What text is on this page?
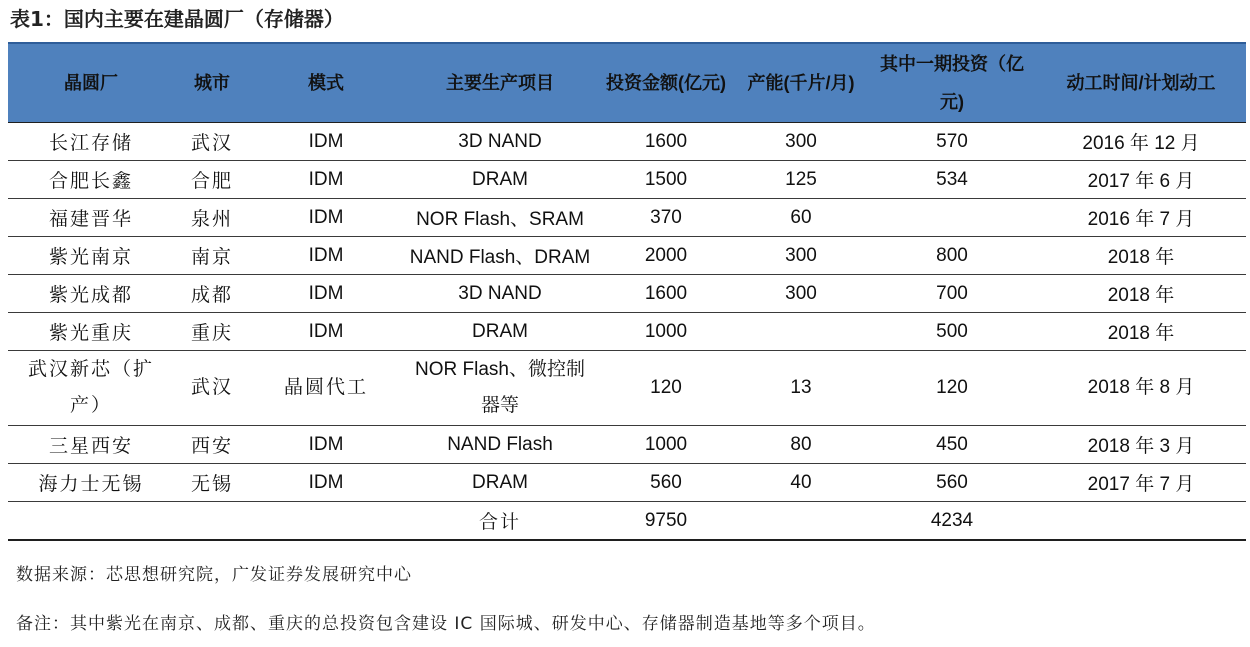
表1：国内主要在建晶圆厂（存储器）
晶圆厂	城市	模式	主要生产项目	投资金额(亿元)	产能(千片/月)	其中一期投资（亿元)	动工时间/计划动工
长江存储	武汉	IDM	3D NAND	1600	300	570	2016 年 12 月
合肥长鑫	合肥	IDM	DRAM	1500	125	534	2017 年 6 月
福建晋华	泉州	IDM	NOR Flash、SRAM	370	60		2016 年 7 月
紫光南京	南京	IDM	NAND Flash、DRAM	2000	300	800	2018 年
紫光成都	成都	IDM	3D NAND	1600	300	700	2018 年
紫光重庆	重庆	IDM	DRAM	1000		500	2018 年
武汉新芯（扩产）	武汉	晶圆代工	NOR Flash、微控制器等	120	13	120	2018 年 8 月
三星西安	西安	IDM	NAND Flash	1000	80	450	2018 年 3 月
海力士无锡	无锡	IDM	DRAM	560	40	560	2017 年 7 月
			合计	9750		4234	
数据来源：芯思想研究院，广发证券发展研究中心
备注：其中紫光在南京、成都、重庆的总投资包含建设 IC 国际城、研发中心、存储器制造基地等多个项目。
